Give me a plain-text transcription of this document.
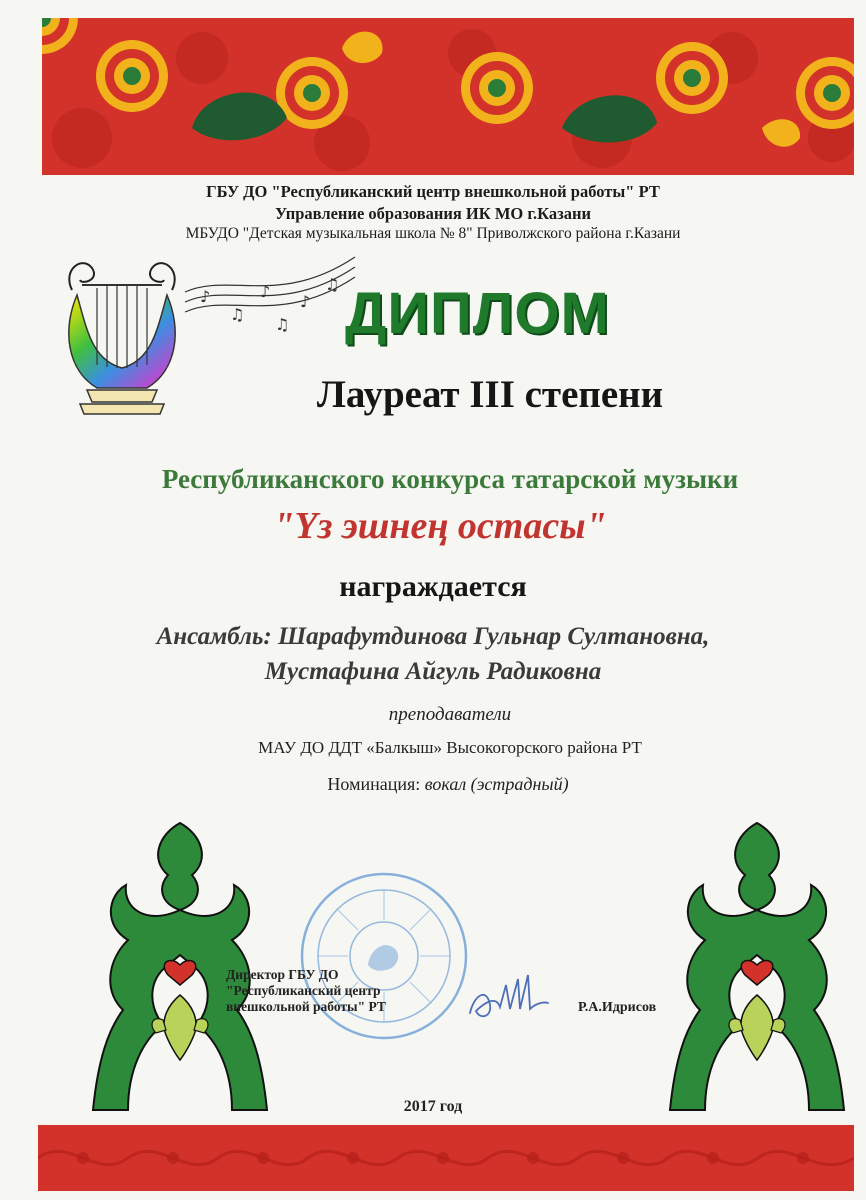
ГБУ ДО "Республиканский центр внешкольной работы" РТ
Управление образования ИК МО г.Казани
МБУДО "Детская музыкальная школа № 8" Приволжского района г.Казани
♪
♫
♪
♫
♪
♫ ДИПЛОМ
Лауреат III степени
Республиканского конкурса татарской музыки
"Үз эшнең остасы"
награждается
Ансамбль: Шарафутдинова Гульнар Султановна,
Мустафина Айгуль Радиковна
преподаватели
МАУ ДО ДДТ «Балкыш» Высокогорского района РТ
Номинация: вокал (эстрадный)
Директор ГБУ ДО
"Республиканский центр
внешкольной работы" РТ	Р.А.Идрисов
2017 год
